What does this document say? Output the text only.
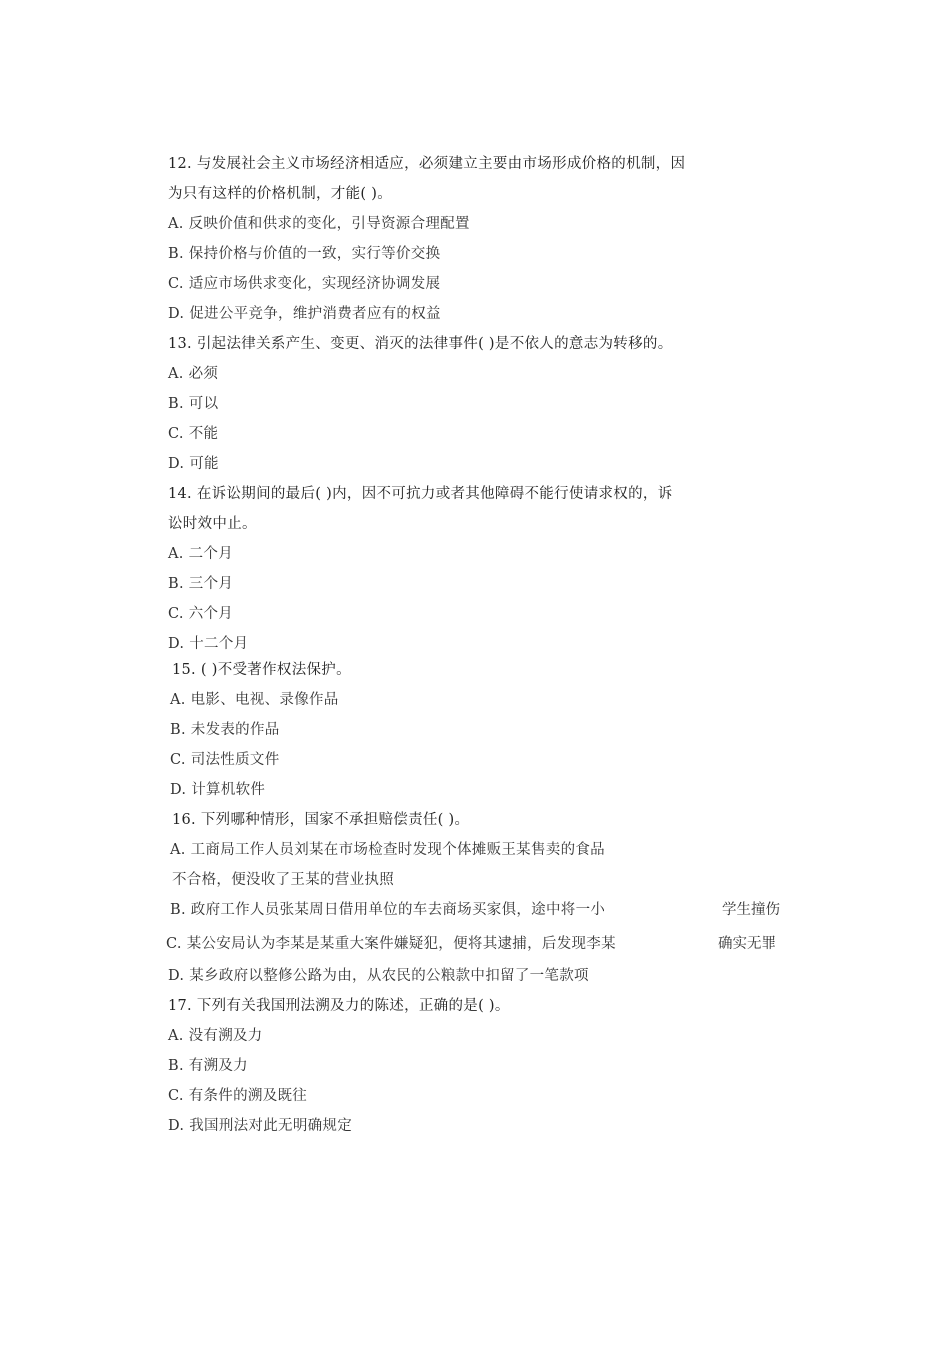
12. 与发展社会主义市场经济相适应，必须建立主要由市场形成价格的机制，因
为只有这样的价格机制，才能( )。
A. 反映价值和供求的变化，引导资源合理配置
B. 保持价格与价值的一致，实行等价交换
C. 适应市场供求变化，实现经济协调发展
D. 促进公平竞争，维护消费者应有的权益
13. 引起法律关系产生、变更、消灭的法律事件( )是不依人的意志为转移的。
A. 必须
B. 可以
C. 不能
D. 可能
14. 在诉讼期间的最后( )内，因不可抗力或者其他障碍不能行使请求权的，诉
讼时效中止。
A. 二个月
B. 三个月
C. 六个月
D. 十二个月
15. ( )不受著作权法保护。
A. 电影、电视、录像作品
B. 未发表的作品
C. 司法性质文件
D. 计算机软件
16. 下列哪种情形，国家不承担赔偿责任( )。
A. 工商局工作人员刘某在市场检查时发现个体摊贩王某售卖的食品
不合格，便没收了王某的营业执照
B. 政府工作人员张某周日借用单位的车去商场买家俱，途中将一小	学生撞伤
C. 某公安局认为李某是某重大案件嫌疑犯，便将其逮捕，后发现李某	确实无罪
D. 某乡政府以整修公路为由，从农民的公粮款中扣留了一笔款项
17. 下列有关我国刑法溯及力的陈述，正确的是( )。
A. 没有溯及力
B. 有溯及力
C. 有条件的溯及既往
D. 我国刑法对此无明确规定
